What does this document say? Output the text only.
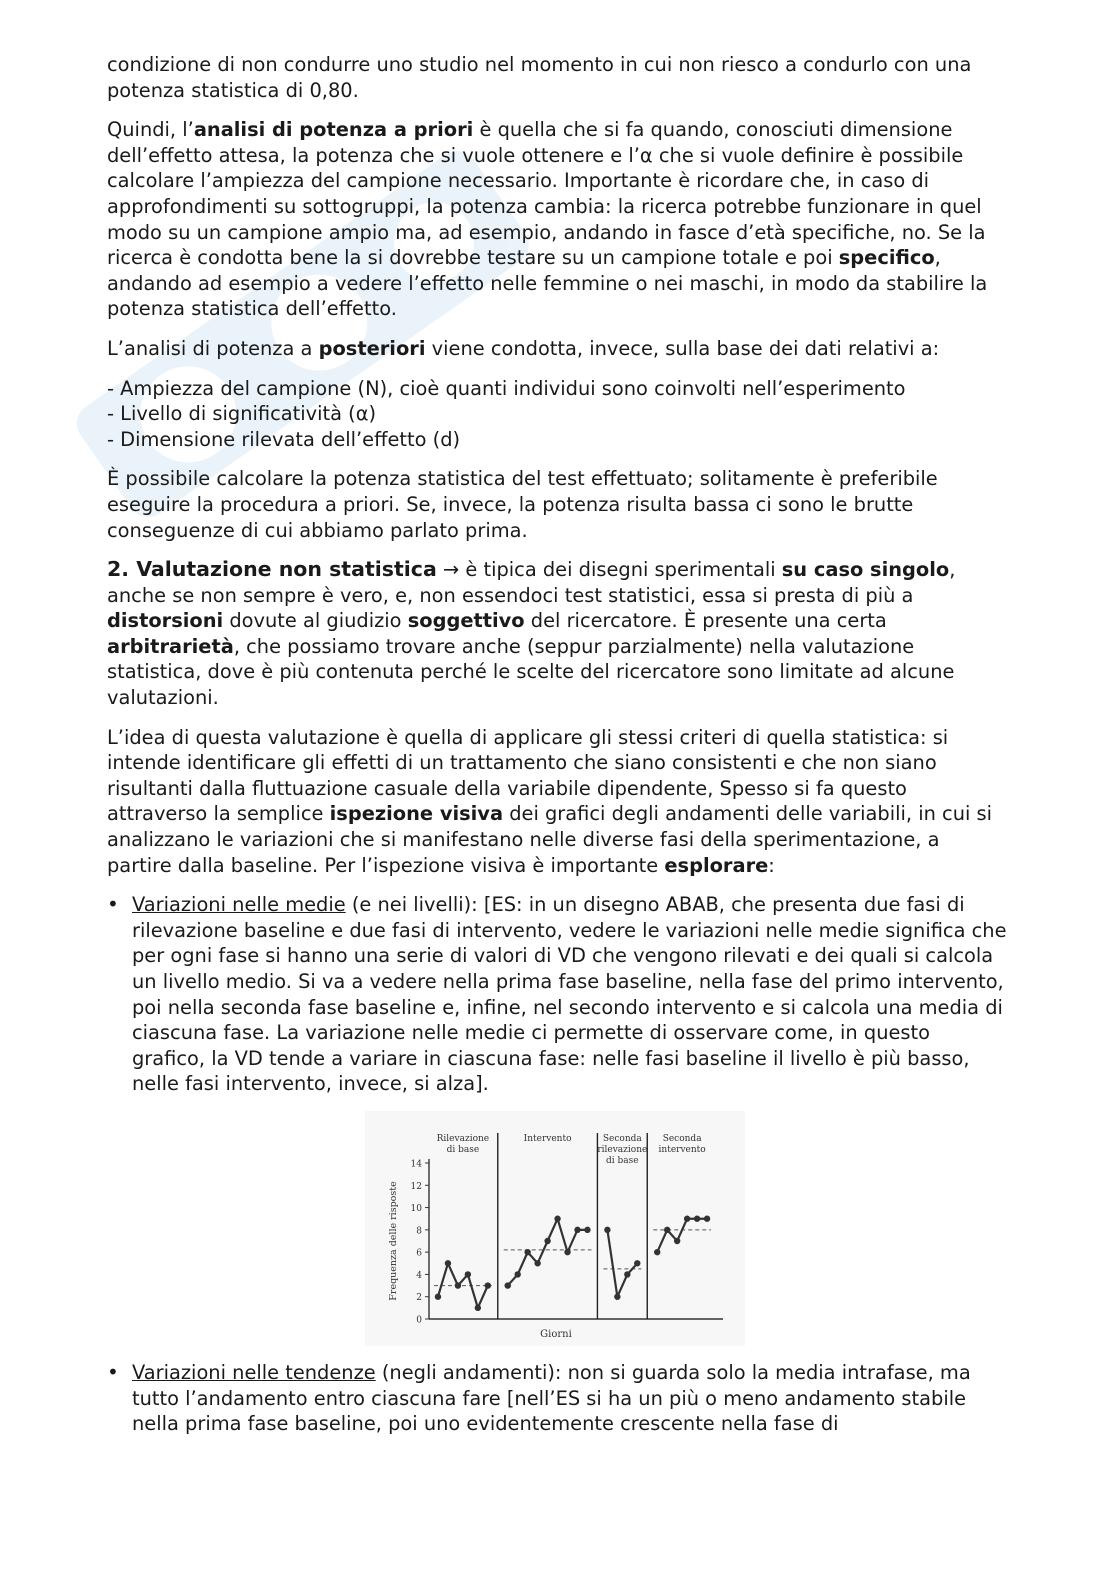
condizione di non condurre uno studio nel momento in cui non riesco a condurlo con una potenza statistica di 0,80.

Quindi, l’analisi di potenza a priori è quella che si fa quando, conosciuti dimensione dell’effetto attesa, la potenza che si vuole ottenere e l’α che si vuole definire è possibile calcolare l’ampiezza del campione necessario. Importante è ricordare che, in caso di approfondimenti su sottogruppi, la potenza cambia: la ricerca potrebbe funzionare in quel modo su un campione ampio ma, ad esempio, andando in fasce d’età specifiche, no. Se la ricerca è condotta bene la si dovrebbe testare su un campione totale e poi specifico, andando ad esempio a vedere l’effetto nelle femmine o nei maschi, in modo da stabilire la potenza statistica dell’effetto.

L’analisi di potenza a posteriori viene condotta, invece, sulla base dei dati relativi a:

- Ampiezza del campione (N), cioè quanti individui sono coinvolti nell’esperimento
- Livello di significatività (α)
- Dimensione rilevata dell’effetto (d)

È possibile calcolare la potenza statistica del test effettuato; solitamente è preferibile eseguire la procedura a priori. Se, invece, la potenza risulta bassa ci sono le brutte conseguenze di cui abbiamo parlato prima.

2. Valutazione non statistica → è tipica dei disegni sperimentali su caso singolo, anche se non sempre è vero, e, non essendoci test statistici, essa si presta di più a distorsioni dovute al giudizio soggettivo del ricercatore. È presente una certa arbitrarietà, che possiamo trovare anche (seppur parzialmente) nella valutazione statistica, dove è più contenuta perché le scelte del ricercatore sono limitate ad alcune valutazioni.

L’idea di questa valutazione è quella di applicare gli stessi criteri di quella statistica: si intende identificare gli effetti di un trattamento che siano consistenti e che non siano risultanti dalla fluttuazione casuale della variabile dipendente, Spesso si fa questo attraverso la semplice ispezione visiva dei grafici degli andamenti delle variabili, in cui si analizzano le variazioni che si manifestano nelle diverse fasi della sperimentazione, a partire dalla baseline. Per l’ispezione visiva è importante esplorare:

• Variazioni nelle medie (e nei livelli): [ES: in un disegno ABAB, che presenta due fasi di rilevazione baseline e due fasi di intervento, vedere le variazioni nelle medie significa che per ogni fase si hanno una serie di valori di VD che vengono rilevati e dei quali si calcola un livello medio. Si va a vedere nella prima fase baseline, nella fase del primo intervento, poi nella seconda fase baseline e, infine, nel secondo intervento e si calcola una media di ciascuna fase. La variazione nelle medie ci permette di osservare come, in questo grafico, la VD tende a variare in ciascuna fase: nelle fasi baseline il livello è più basso, nelle fasi intervento, invece, si alza].
0
2
4
6
8
10
12
14
Frequenza delle risposte
Giorni
Rilevazione
di base
Intervento	Seconda
rilevazione
di base
Seconda
intervento
• Variazioni nelle tendenze (negli andamenti): non si guarda solo la media intrafase, ma tutto l’andamento entro ciascuna fare [nell’ES si ha un più o meno andamento stabile nella prima fase baseline, poi uno evidentemente crescente nella fase di
